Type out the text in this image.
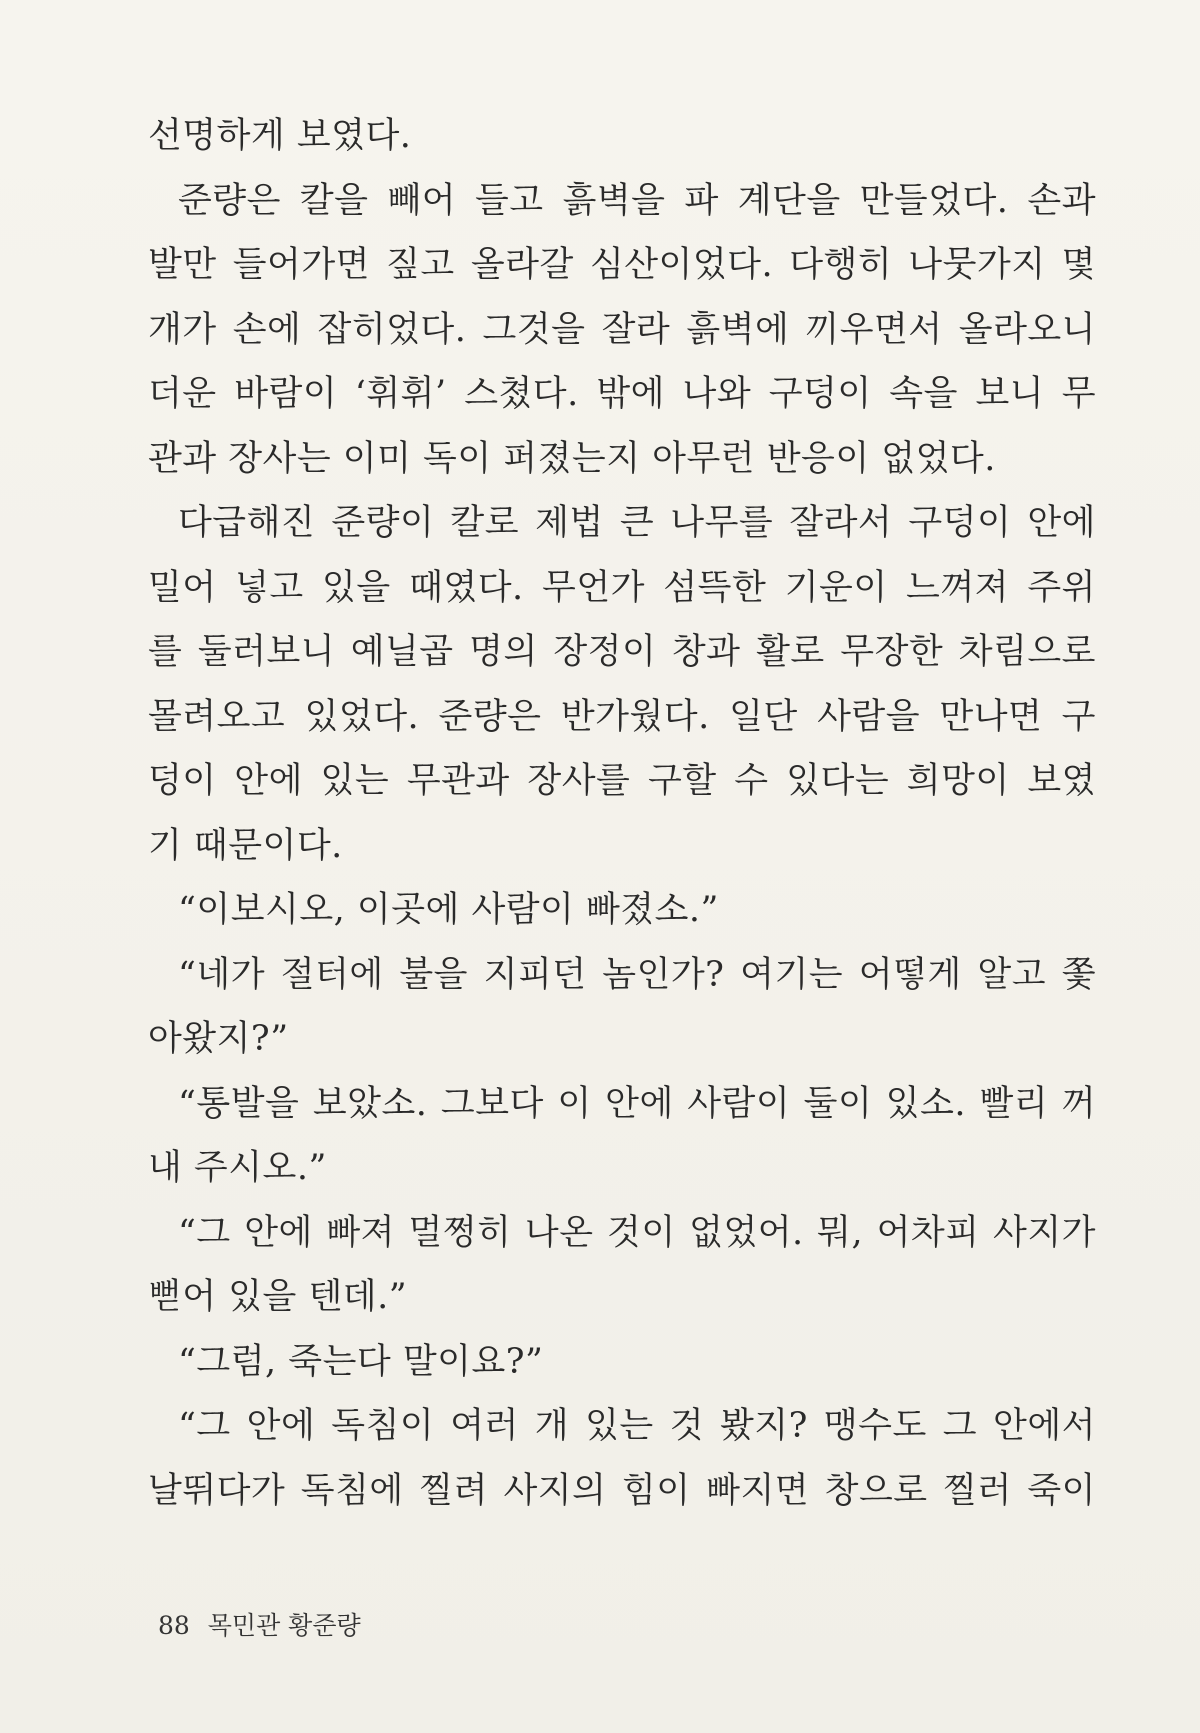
선명하게 보였다.
준량은 칼을 빼어 들고 흙벽을 파 계단을 만들었다. 손과
발만 들어가면 짚고 올라갈 심산이었다. 다행히 나뭇가지 몇
개가 손에 잡히었다. 그것을 잘라 흙벽에 끼우면서 올라오니
더운 바람이 ‘휘휘’ 스쳤다. 밖에 나와 구덩이 속을 보니 무
관과 장사는 이미 독이 퍼졌는지 아무런 반응이 없었다.
다급해진 준량이 칼로 제법 큰 나무를 잘라서 구덩이 안에
밀어 넣고 있을 때였다. 무언가 섬뜩한 기운이 느껴져 주위
를 둘러보니 예닐곱 명의 장정이 창과 활로 무장한 차림으로
몰려오고 있었다. 준량은 반가웠다. 일단 사람을 만나면 구
덩이 안에 있는 무관과 장사를 구할 수 있다는 희망이 보였
기 때문이다.
“이보시오, 이곳에 사람이 빠졌소.”
“네가 절터에 불을 지피던 놈인가? 여기는 어떻게 알고 쫓
아왔지?”
“통발을 보았소. 그보다 이 안에 사람이 둘이 있소. 빨리 꺼
내 주시오.”
“그 안에 빠져 멀쩡히 나온 것이 없었어. 뭐, 어차피 사지가
뻗어 있을 텐데.”
“그럼, 죽는다 말이요?”
“그 안에 독침이 여러 개 있는 것 봤지? 맹수도 그 안에서
날뛰다가 독침에 찔려 사지의 힘이 빠지면 창으로 찔러 죽이
88 목민관 황준량
